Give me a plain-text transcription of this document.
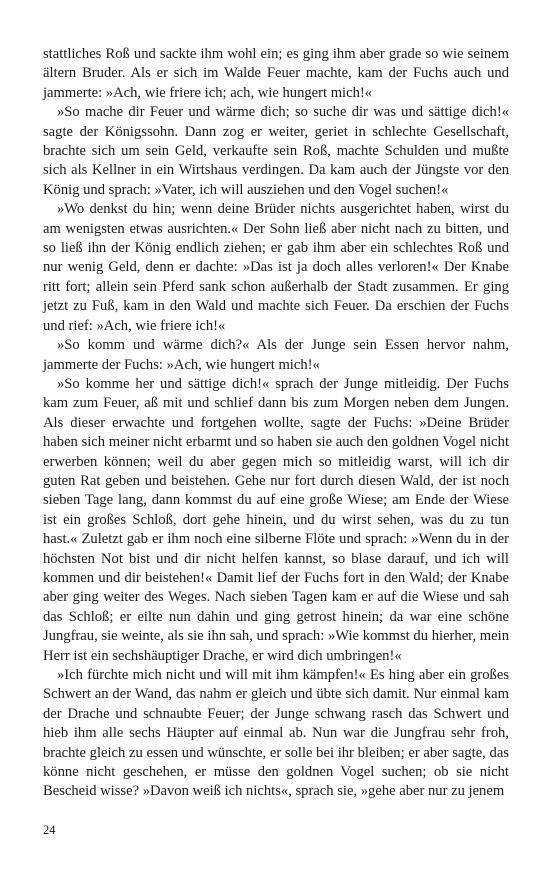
stattliches Roß und sackte ihm wohl ein; es ging ihm aber grade so wie seinem ältern Bruder. Als er sich im Walde Feuer machte, kam der Fuchs auch und jammerte: »Ach, wie friere ich; ach, wie hungert mich!«

»So mache dir Feuer und wärme dich; so suche dir was und sättige dich!« sagte der Königssohn. Dann zog er weiter, geriet in schlechte Gesellschaft, brachte sich um sein Geld, verkaufte sein Roß, machte Schulden und mußte sich als Kellner in ein Wirtshaus verdingen. Da kam auch der Jüngste vor den König und sprach: »Vater, ich will ausziehen und den Vogel suchen!«

»Wo denkst du hin; wenn deine Brüder nichts ausgerichtet haben, wirst du am wenigsten etwas ausrichten.« Der Sohn ließ aber nicht nach zu bitten, und so ließ ihn der König endlich ziehen; er gab ihm aber ein schlechtes Roß und nur wenig Geld, denn er dachte: »Das ist ja doch alles verloren!« Der Knabe ritt fort; allein sein Pferd sank schon außerhalb der Stadt zusammen. Er ging jetzt zu Fuß, kam in den Wald und machte sich Feuer. Da erschien der Fuchs und rief: »Ach, wie friere ich!«

»So komm und wärme dich?« Als der Junge sein Essen hervor nahm, jammerte der Fuchs: »Ach, wie hungert mich!«

»So komme her und sättige dich!« sprach der Junge mitleidig. Der Fuchs kam zum Feuer, aß mit und schlief dann bis zum Morgen neben dem Jungen. Als dieser erwachte und fortgehen wollte, sagte der Fuchs: »Deine Brüder haben sich meiner nicht erbarmt und so haben sie auch den goldnen Vogel nicht erwerben können; weil du aber gegen mich so mitleidig warst, will ich dir guten Rat geben und beistehen. Gehe nur fort durch diesen Wald, der ist noch sieben Tage lang, dann kommst du auf eine große Wiese; am Ende der Wiese ist ein großes Schloß, dort gehe hinein, und du wirst sehen, was du zu tun hast.« Zuletzt gab er ihm noch eine silberne Flöte und sprach: »Wenn du in der höchsten Not bist und dir nicht helfen kannst, so blase darauf, und ich will kommen und dir beistehen!« Damit lief der Fuchs fort in den Wald; der Knabe aber ging weiter des Weges. Nach sieben Tagen kam er auf die Wiese und sah das Schloß; er eilte nun dahin und ging getrost hinein; da war eine schöne Jungfrau, sie weinte, als sie ihn sah, und sprach: »Wie kommst du hierher, mein Herr ist ein sechshäuptiger Drache, er wird dich umbringen!«

»Ich fürchte mich nicht und will mit ihm kämpfen!« Es hing aber ein großes Schwert an der Wand, das nahm er gleich und übte sich damit. Nur einmal kam der Drache und schnaubte Feuer; der Junge schwang rasch das Schwert und hieb ihm alle sechs Häupter auf einmal ab. Nun war die Jungfrau sehr froh, brachte gleich zu essen und wünschte, er solle bei ihr bleiben; er aber sagte, das könne nicht geschehen, er müsse den goldnen Vogel suchen; ob sie nicht Bescheid wisse? »Davon weiß ich nichts«, sprach sie, »gehe aber nur zu jenem

24
